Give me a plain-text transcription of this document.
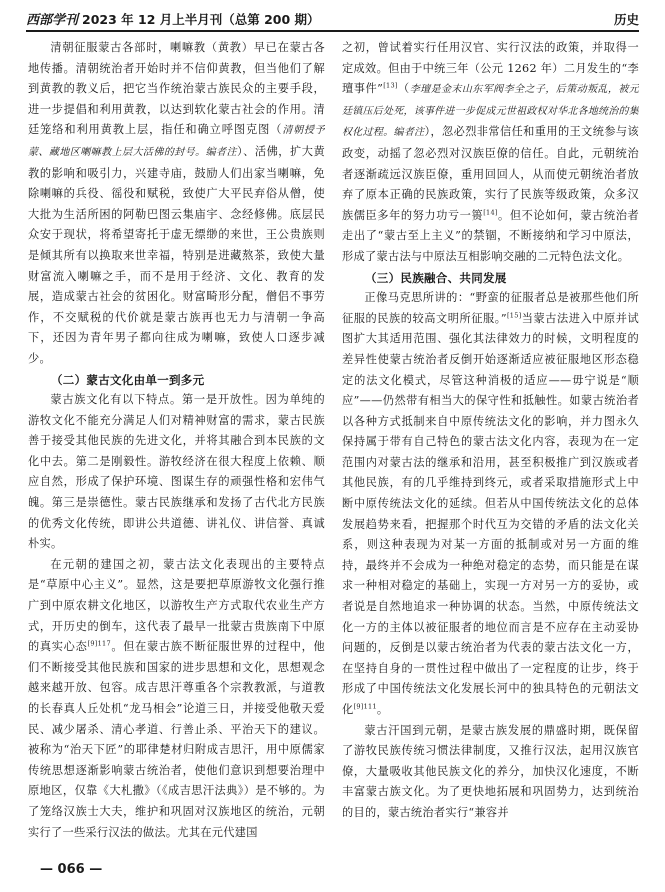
西部学刊 2023 年 12 月上半月刊（总第 200 期）	历史

清朝征服蒙古各部时，喇嘛教（黄教）早已在蒙古各地传播。清朝统治者开始时并不信仰黄教，但当他们了解到黄教的教义后，把它当作统治蒙古族民众的主要手段，进一步提倡和利用黄教，以达到软化蒙古社会的作用。清廷笼络和利用黄教上层，指任和确立呼图克图（清朝授予蒙、藏地区喇嘛教上层大活佛的封号。编者注）、活佛，扩大黄教的影响和吸引力，兴建寺庙，鼓励人们出家当喇嘛，免除喇嘛的兵役、徭役和赋税，致使广大平民弃俗从僧，使大批为生活所困的阿勒巴图云集庙宇、念经修佛。底层民众安于现状，将希望寄托于虚无缥缈的来世，王公贵族则是倾其所有以换取来世幸福，特别是进藏熬茶，致使大量财富流入喇嘛之手，而不是用于经济、文化、教育的发展，造成蒙古社会的贫困化。财富畸形分配，僧侣不事劳作，不交赋税的代价就是蒙古族再也无力与清朝一争高下，还因为青年男子都向往成为喇嘛，致使人口逐步减少。

（二）蒙古文化由单一到多元

蒙古族文化有以下特点。第一是开放性。因为单纯的游牧文化不能充分满足人们对精神财富的需求，蒙古民族善于接受其他民族的先进文化，并将其融合到本民族的文化中去。第二是刚毅性。游牧经济在很大程度上依赖、顺应自然，形成了保护环境、图谋生存的顽强性格和宏伟气魄。第三是崇德性。蒙古民族继承和发扬了古代北方民族的优秀文化传统，即讲公共道德、讲礼仪、讲信誉、真诚朴实。

在元朝的建国之初，蒙古法文化表现出的主要特点是“草原中心主义”。显然，这是要把草原游牧文化强行推广到中原农耕文化地区，以游牧生产方式取代农业生产方式，开历史的倒车，这代表了最早一批蒙古贵族南下中原的真实心态$^{[9]117}$。但在蒙古族不断征服世界的过程中，他们不断接受其他民族和国家的进步思想和文化，思想观念越来越开放、包容。成吉思汗尊重各个宗教教派，与道教的长春真人丘处机“龙马相会”论道三日，并接受他敬天爱民、减少屠杀、清心孝道、行善止杀、平治天下的建议。被称为“治天下匠”的耶律楚材归附成吉思汗，用中原儒家传统思想逐渐影响蒙古统治者，使他们意识到想要治理中原地区，仅靠《大札撒》（《成吉思汗法典》）是不够的。为了笼络汉族士大夫，维护和巩固对汉族地区的统治，元朝实行了一些采行汉法的做法。尤其在元代建国

之初，曾试着实行任用汉官、实行汉法的政策，并取得一定成效。但由于中统三年（公元 1262 年）二月发生的“李璮事件”[13]（李璮是金末山东军阀李全之子，后策动叛乱，被元廷镇压后处死，该事件进一步促成元世祖政权对华北各地统治的集权化过程。编者注），忽必烈非常信任和重用的王文统参与该政变，动摇了忽必烈对汉族臣僚的信任。自此，元朝统治者逐渐疏远汉族臣僚，重用回回人，从而使元朝统治者放弃了原本正确的民族政策，实行了民族等级政策，众多汉族儒臣多年的努力功亏一篑[14]。但不论如何，蒙古统治者走出了“蒙古至上主义”的禁锢，不断接纳和学习中原法，形成了蒙古法与中原法互相影响交融的二元特色法文化。

（三）民族融合、共同发展

正像马克思所讲的：“野蛮的征服者总是被那些他们所征服的民族的较高文明所征服。”[15]当蒙古法进入中原并试图扩大其适用范围、强化其法律效力的时候，文明程度的差异性使蒙古统治者反倒开始逐渐适应被征服地区形态稳定的法文化模式，尽管这种消极的适应——毋宁说是“顺应”——仍然带有相当大的保守性和抵触性。如蒙古统治者以各种方式抵制来自中原传统法文化的影响，并力图永久保持属于带有自己特色的蒙古法文化内容，表现为在一定范围内对蒙古法的继承和沿用，甚至积极推广到汉族或者其他民族，有的几乎维持到终元，或者采取措施形式上中断中原传统法文化的延续。但若从中国传统法文化的总体发展趋势来看，把握那个时代互为交错的矛盾的法文化关系，则这种表现为对某一方面的抵制或对另一方面的维持，最终并不会成为一种绝对稳定的态势，而只能是在谋求一种相对稳定的基础上，实现一方对另一方的妥协，或者说是自然地追求一种协调的状态。当然，中原传统法文化一方的主体以被征服者的地位而言是不应存在主动妥协问题的，反倒是以蒙古统治者为代表的蒙古法文化一方，在坚持自身的一贯性过程中做出了一定程度的让步，终于形成了中国传统法文化发展长河中的独具特色的元朝法文化$^{[9]111}$。

蒙古汗国到元朝，是蒙古族发展的鼎盛时期，既保留了游牧民族传统习惯法律制度，又推行汉法，起用汉族官僚，大量吸收其他民族文化的养分，加快汉化速度，不断丰富蒙古族文化。为了更快地拓展和巩固势力，达到统治的目的，蒙古统治者实行“兼容并

— 066 —
